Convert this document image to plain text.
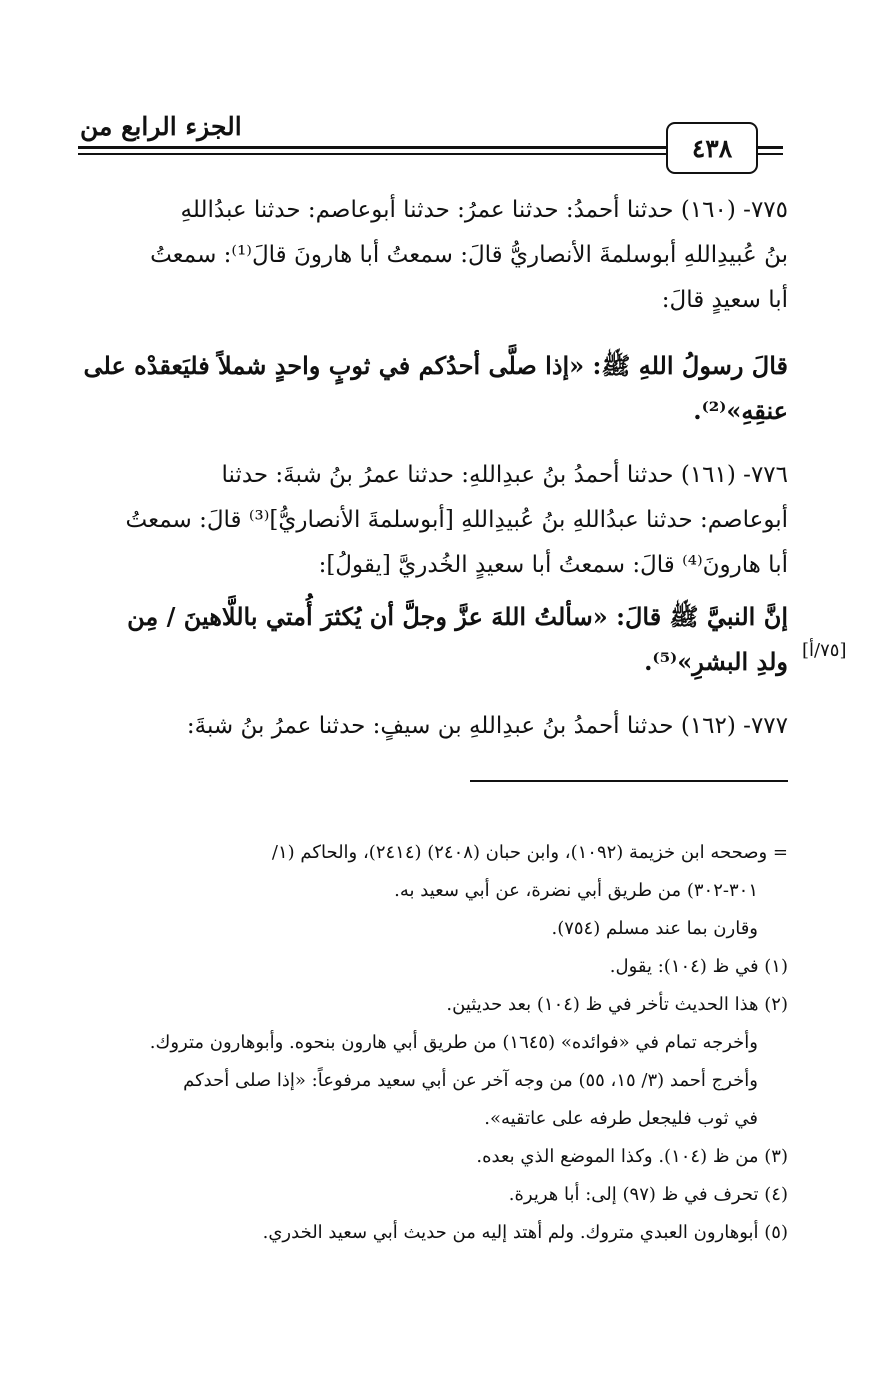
الجزء الرابع من
٤٣٨

٧٧٥- (١٦٠) حدثنا أحمدُ: حدثنا عمرُ: حدثنا أبوعاصم: حدثنا عبدُاللهِ

بنُ عُبيدِاللهِ أبوسلمةَ الأنصاريُّ قالَ: سمعتُ أبا هارونَ قالَ⁽¹⁾: سمعتُ

أبا سعيدٍ قالَ:

قالَ رسولُ اللهِ ﷺ: «إذا صلَّى أحدُكم في ثوبٍ واحدٍ شملاً فليَعقدْه على

عنقِهِ»⁽²⁾.

٧٧٦- (١٦١) حدثنا أحمدُ بنُ عبدِاللهِ: حدثنا عمرُ بنُ شبةَ: حدثنا

أبوعاصم: حدثنا عبدُاللهِ بنُ عُبيدِاللهِ [أبوسلمةَ الأنصاريُّ]⁽³⁾ قالَ: سمعتُ

أبا هارونَ⁽⁴⁾ قالَ: سمعتُ أبا سعيدٍ الخُدريَّ [يقولُ]:

إنَّ النبيَّ ﷺ قالَ: «سألتُ اللهَ عزَّ وجلَّ أن يُكثرَ أُمتي باللَّاهينَ / مِن

ولدِ البشرِ»⁽⁵⁾.

٧٧٧- (١٦٢) حدثنا أحمدُ بنُ عبدِاللهِ بن سيفٍ: حدثنا عمرُ بنُ شبةَ:

[٧٥/أ]

= وصححه ابن خزيمة (١٠٩٢)، وابن حبان (٢٤٠٨) (٢٤١٤)، والحاكم (١/

٣٠١-٣٠٢) من طريق أبي نضرة، عن أبي سعيد به.

وقارن بما عند مسلم (٧٥٤).

(١) في ظ (١٠٤): يقول.

(٢) هذا الحديث تأخر في ظ (١٠٤) بعد حديثين.

وأخرجه تمام في «فوائده» (١٦٤٥) من طريق أبي هارون بنحوه. وأبوهارون متروك.

وأخرج أحمد (٣/ ١٥، ٥٥) من وجه آخر عن أبي سعيد مرفوعاً: «إذا صلى أحدكم

في ثوب فليجعل طرفه على عاتقيه».

(٣) من ظ (١٠٤). وكذا الموضع الذي بعده.

(٤) تحرف في ظ (٩٧) إلى: أبا هريرة.

(٥) أبوهارون العبدي متروك. ولم أهتد إليه من حديث أبي سعيد الخدري.
